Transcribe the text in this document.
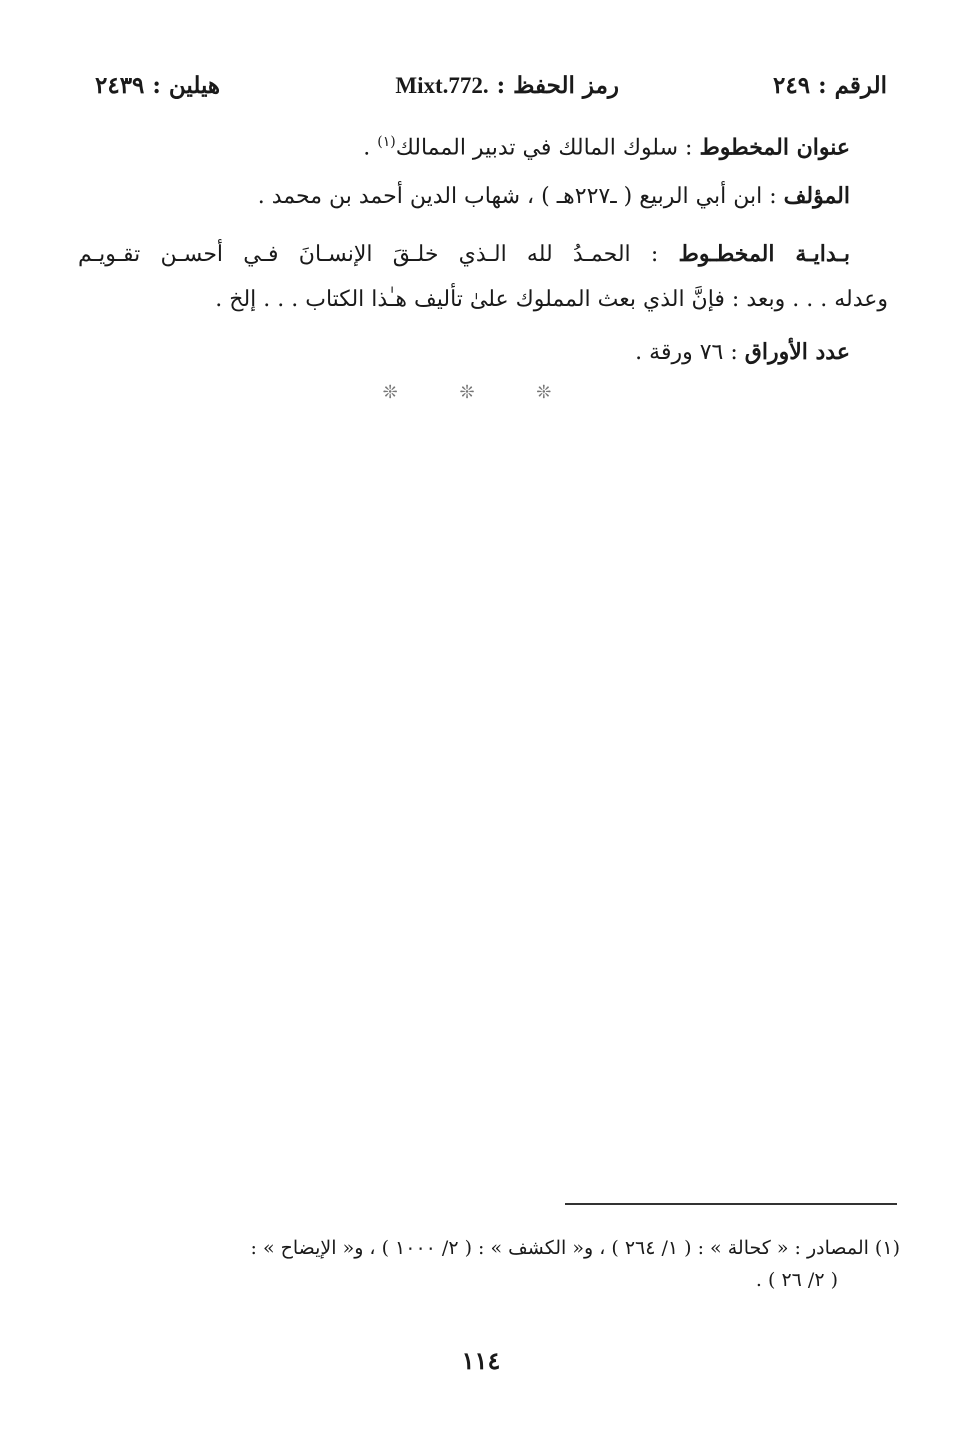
الرقم : ٢٤٩
رمز الحفظ : Mixt.772.
هيلين : ٢٤٣٩
عنوان المخطوط : سلوك المالك في تدبير الممالك$^{(١)}$ .
المؤلف : ابن أبي الربيع ( ـ٢٢٧هـ ) ، شهاب الدين أحمد بن محمد .
بـدايـة المخطـوط : الحمـدُ لله الـذي خلـقَ الإنسـانَ فـي أحسـن تقـويـم
وعدله . . . وبعد : فإنَّ الذي بعث المملوك علىٰ تأليف هـٰذا الكتاب . . . إلخ .
عدد الأوراق : ٧٦ ورقة .
❊ ❊ ❊
(١) المصادر : « كحالة » : ( ١/ ٢٦٤ ) ، و« الكشف » : ( ٢/ ١٠٠٠ ) ، و« الإيضاح » :
( ٢/ ٢٦ ) .
١١٤
